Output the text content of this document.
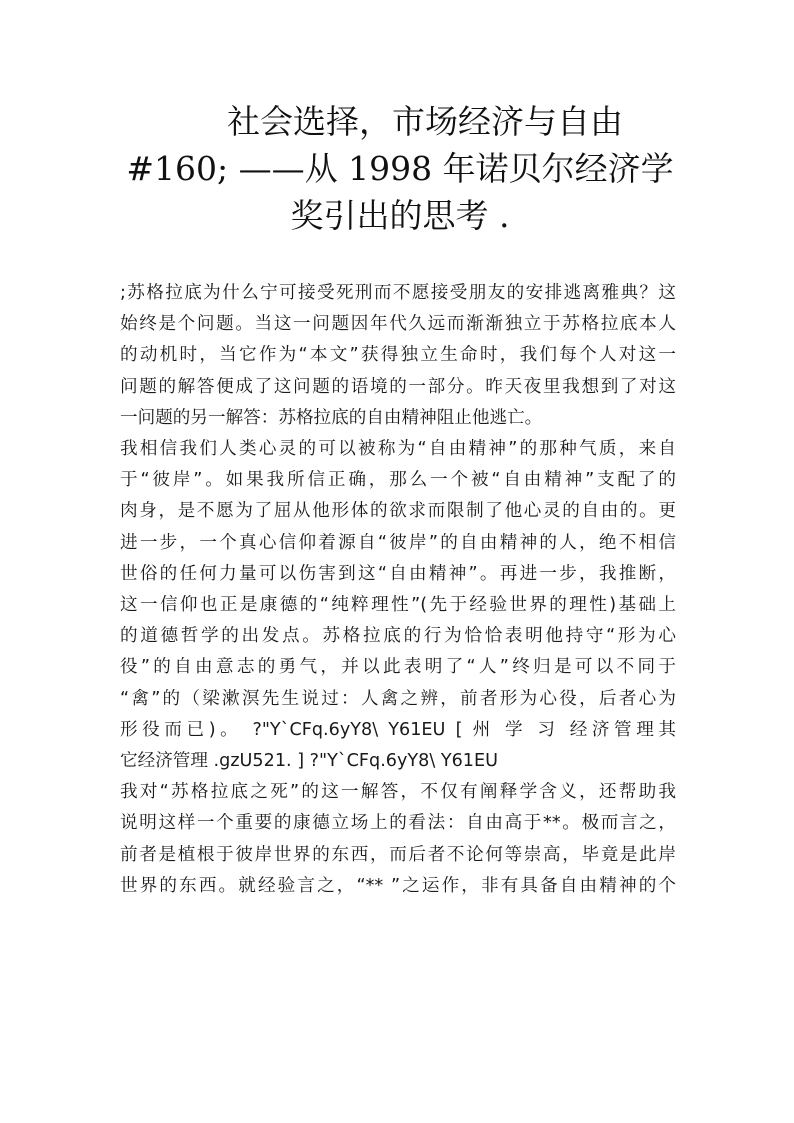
社会选择，市场经济与自由
#160; ——从 1998 年诺贝尔经济学
奖引出的思考 .

;苏格拉底为什么宁可接受死刑而不愿接受朋友的安排逃离雅典？这
始终是个问题。当这一问题因年代久远而渐渐独立于苏格拉底本人
的动机时，当它作为“本文”获得独立生命时，我们每个人对这一
问题的解答便成了这问题的语境的一部分。昨天夜里我想到了对这
一问题的另一解答：苏格拉底的自由精神阻止他逃亡。

我相信我们人类心灵的可以被称为“自由精神”的那种气质，来自
于“彼岸”。如果我所信正确，那么一个被“自由精神”支配了的
肉身，是不愿为了屈从他形体的欲求而限制了他心灵的自由的。更
进一步，一个真心信仰着源自“彼岸”的自由精神的人，绝不相信
世俗的任何力量可以伤害到这“自由精神”。再进一步，我推断，
这一信仰也正是康德的“纯粹理性”(先于经验世界的理性)基础上
的道德哲学的出发点。苏格拉底的行为恰恰表明他持守“形为心
役”的自由意志的勇气，并以此表明了“人”终归是可以不同于
“禽”的（梁漱溟先生说过：人禽之辨，前者形为心役，后者心为
形役而已)。 ?"Y`CFq.6yY8\ Y61EU [ 州 学 习 经济管理其
它经济管理 .gzU521. ] ?"Y`CFq.6yY8\ Y61EU

我对“苏格拉底之死”的这一解答，不仅有阐释学含义，还帮助我
说明这样一个重要的康德立场上的看法：自由高于**。极而言之，
前者是植根于彼岸世界的东西，而后者不论何等崇高，毕竟是此岸
世界的东西。就经验言之，“** ”之运作，非有具备自由精神的个
